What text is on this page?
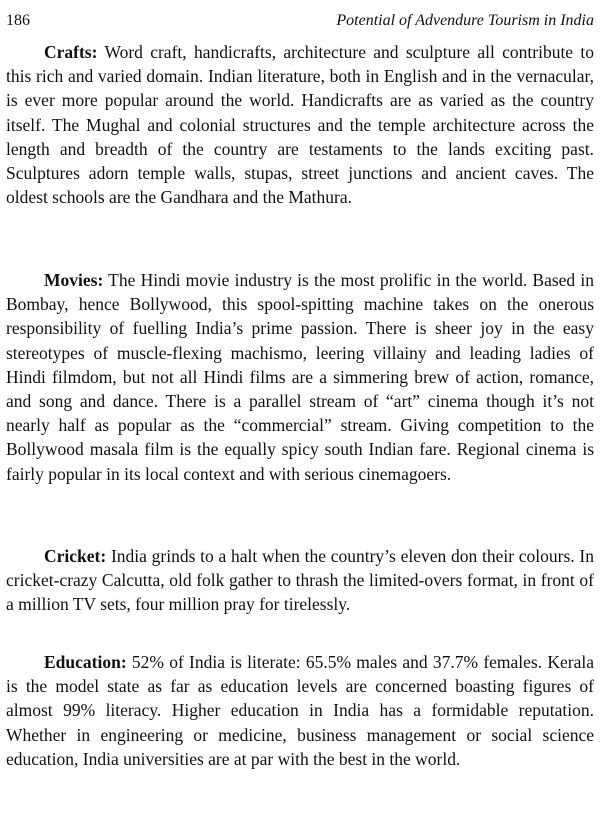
186	Potential of Advendure Tourism in India

Crafts: Word craft, handicrafts, architecture and sculpture all contribute to this rich and varied domain. Indian literature, both in English and in the vernacular, is ever more popular around the world. Handicrafts are as varied as the country itself. The Mughal and colonial structures and the temple architecture across the length and breadth of the country are testaments to the lands exciting past. Sculptures adorn temple walls, stupas, street junctions and ancient caves. The oldest schools are the Gandhara and the Mathura.

Movies: The Hindi movie industry is the most prolific in the world. Based in Bombay, hence Bollywood, this spool-spitting machine takes on the onerous responsibility of fuelling India’s prime passion. There is sheer joy in the easy stereotypes of muscle-flexing machismo, leering villainy and leading ladies of Hindi filmdom, but not all Hindi films are a simmering brew of action, romance, and song and dance. There is a parallel stream of “art” cinema though it’s not nearly half as popular as the “commercial” stream. Giving competition to the Bollywood masala film is the equally spicy south Indian fare. Regional cinema is fairly popular in its local context and with serious cinemagoers.

Cricket: India grinds to a halt when the country’s eleven don their colours. In cricket-crazy Calcutta, old folk gather to thrash the limited-overs format, in front of a million TV sets, four million pray for tirelessly.

Education: 52% of India is literate: 65.5% males and 37.7% females. Kerala is the model state as far as education levels are concerned boasting figures of almost 99% literacy. Higher education in India has a formidable reputation. Whether in engineering or medicine, business management or social science education, India universities are at par with the best in the world.
